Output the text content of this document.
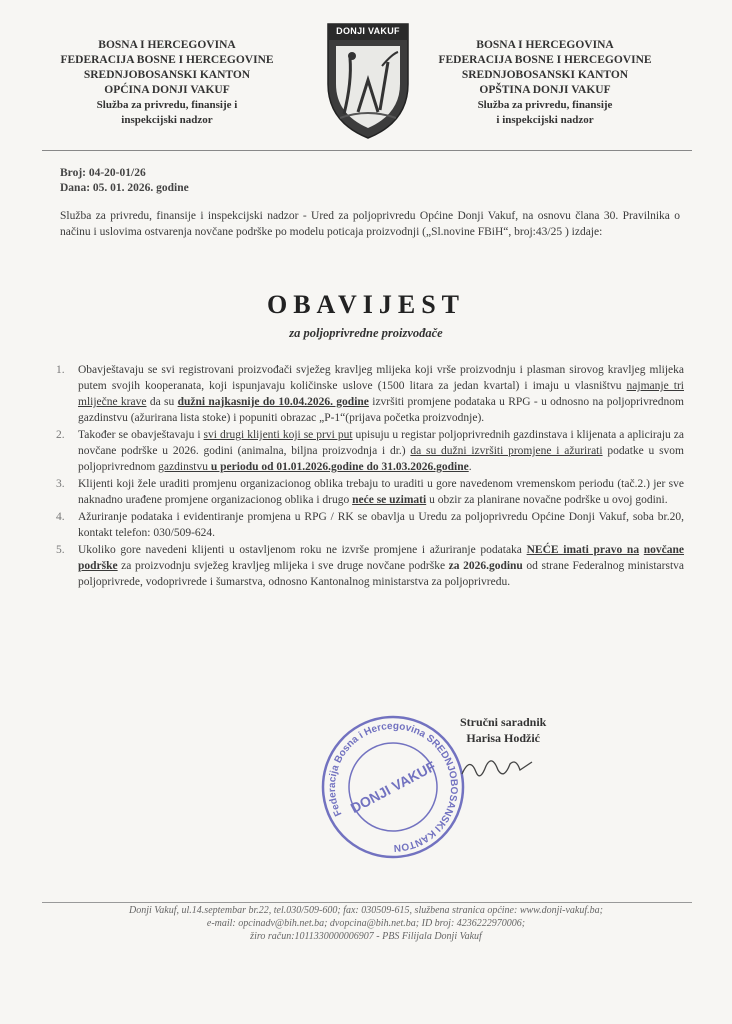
BOSNA I HERCEGOVINA
FEDERACIJA BOSNE I HERCEGOVINE
SREDNJOBOSANSKI KANTON
OPĆINA DONJI VAKUF
Služba za privredu, finansije i
inspekcijski nadzor
DONJI VAKUF
BOSNA I HERCEGOVINA
FEDERACIJA BOSNE I HERCEGOVINE
SREDNJOBOSANSKI KANTON
OPŠTINA DONJI VAKUF
Služba za privredu, finansije
i inspekcijski nadzor
Broj: 04-20-01/26
Dana: 05. 01. 2026. godine
Služba za privredu, finansije i inspekcijski nadzor - Ured za poljoprivredu Općine Donji Vakuf, na osnovu člana 30. Pravilnika o načinu i uslovima ostvarenja novčane podrške po modelu poticaja proizvodnji („Sl.novine FBiH“, broj:43/25 ) izdaje:
OBAVIJEST
za poljoprivredne proizvođače
1. Obavještavaju se svi registrovani proizvođači svježeg kravljeg mlijeka koji vrše proizvodnju i plasman sirovog kravljeg mlijeka putem svojih kooperanata, koji ispunjavaju količinske uslove (1500 litara za jedan kvartal) i imaju u vlasništvu najmanje tri mliječne krave da su dužni najkasnije do 10.04.2026. godine izvršiti promjene podataka u RPG - u odnosno na poljoprivrednom gazdinstvu (ažurirana lista stoke) i popuniti obrazac „P-1“(prijava početka proizvodnje).
2. Također se obavještavaju i svi drugi klijenti koji se prvi put upisuju u registar poljoprivrednih gazdinstava i klijenata a apliciraju za novčane podrške u 2026. godini (animalna, biljna proizvodnja i dr.) da su dužni izvršiti promjene i ažurirati podatke u svom poljoprivrednom gazdinstvu u periodu od 01.01.2026.godine do 31.03.2026.godine.
3. Klijenti koji žele uraditi promjenu organizacionog oblika trebaju to uraditi u gore navedenom vremenskom periodu (tač.2.) jer sve naknadno urađene promjene organizacionog oblika i drugo neće se uzimati u obzir za planirane novačne podrške u ovoj godini.
4. Ažuriranje podataka i evidentiranje promjena u RPG / RK se obavlja u Uredu za poljoprivredu Općine Donji Vakuf, soba br.20, kontakt telefon: 030/509-624.
5. Ukoliko gore navedeni klijenti u ostavljenom roku ne izvrše promjene i ažuriranje podataka NEĆE imati pravo na novčane podrške za proizvodnju svježeg kravljeg mlijeka i sve druge novčane podrške za 2026.godinu od strane Federalnog ministarstva poljoprivrede, vodoprivrede i šumarstva, odnosno Kantonalnog ministarstva za poljoprivredu.
Federacija Bosna i Hercegovina SREDNJOBOSANSKI KANTON
DONJI VAKUF
Stručni saradnik
Harisa Hodžić
Donji Vakuf, ul.14.septembar br.22, tel.030/509-600; fax: 030509-615, službena stranica općine: www.donji-vakuf.ba;
e-mail: opcinadv@bih.net.ba; dvopcina@bih.net.ba; ID broj: 4236222970006;
žiro račun:1011330000006907 - PBS Filijala Donji Vakuf
